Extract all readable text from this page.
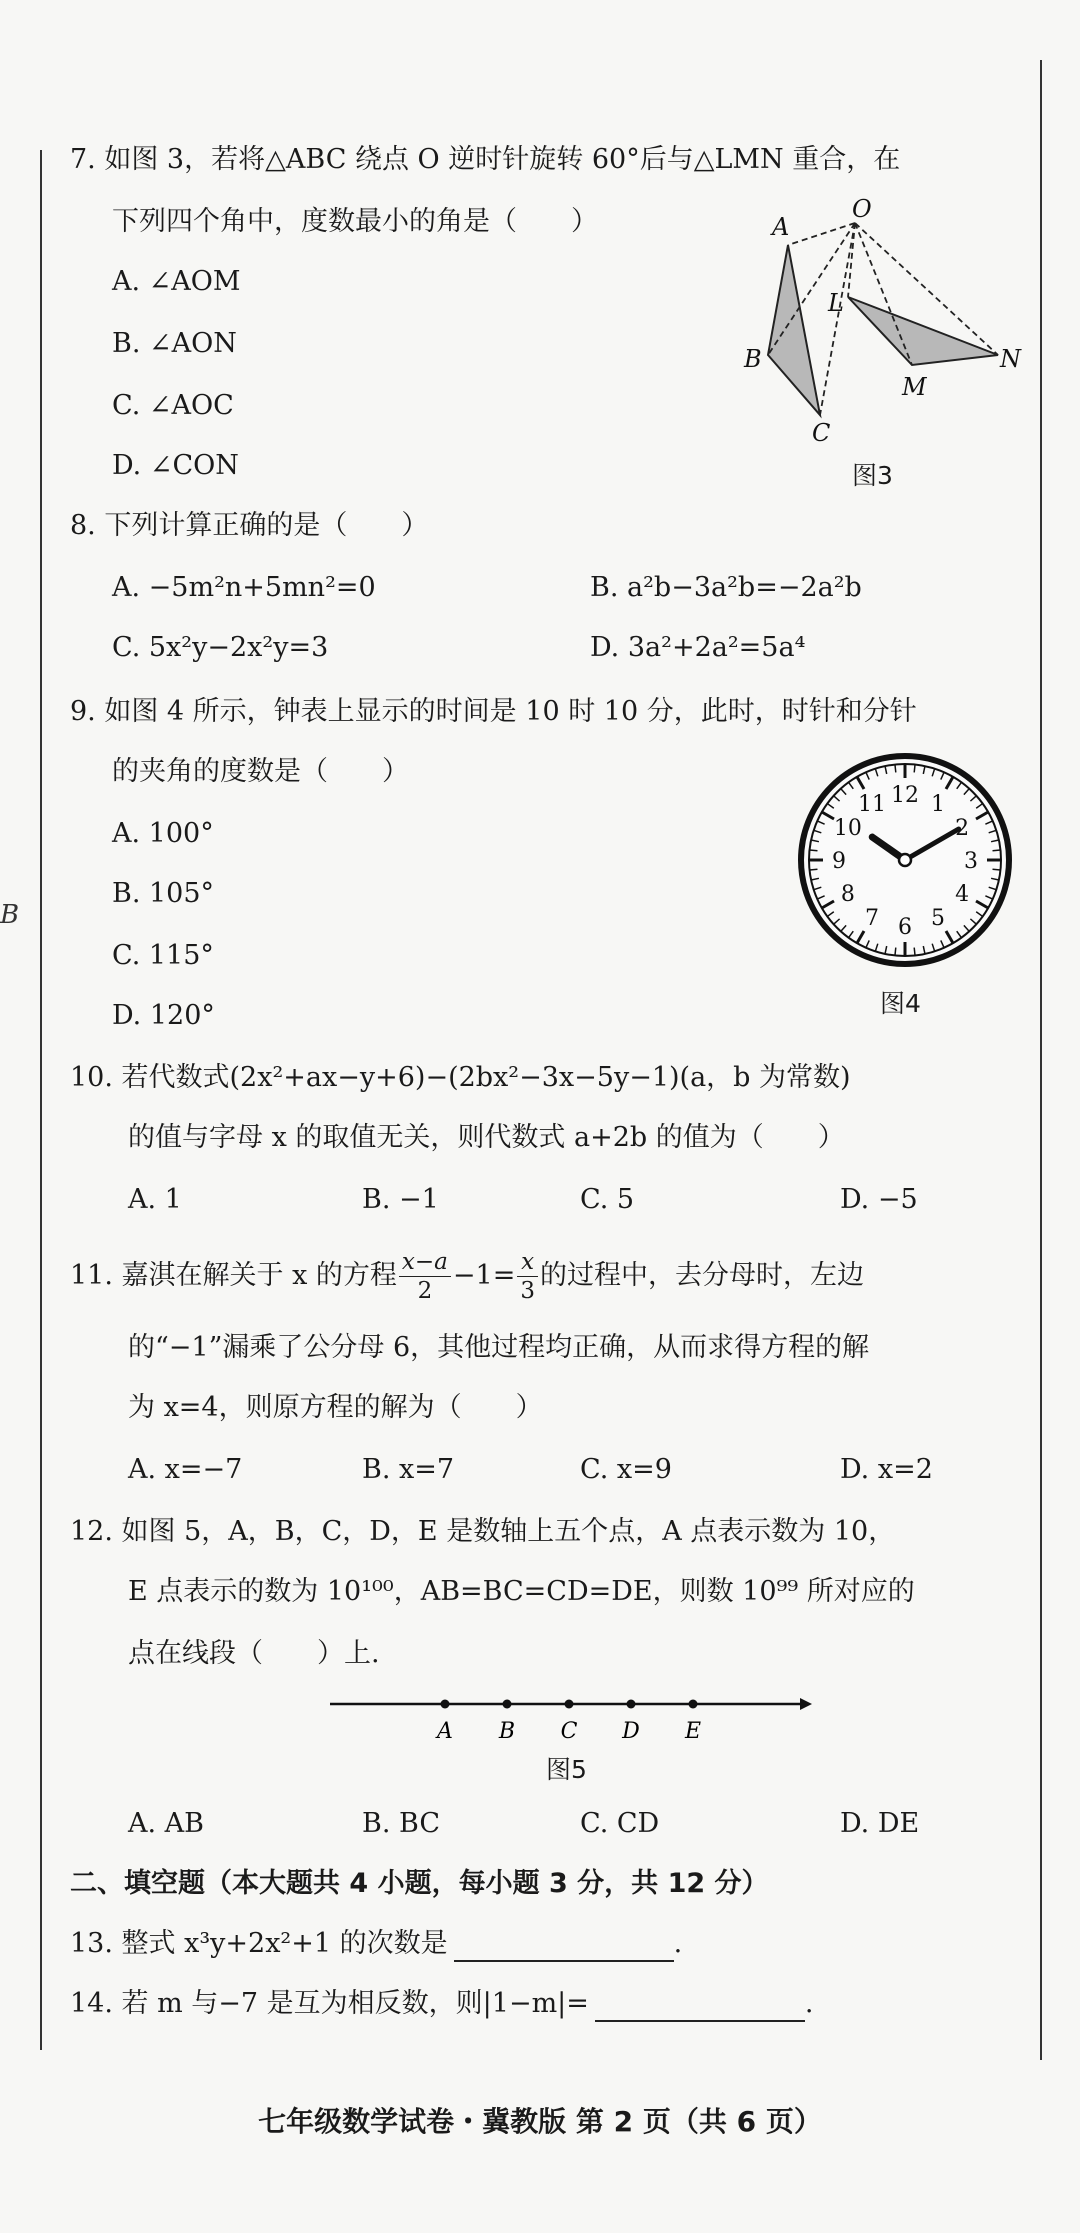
B
7. 如图 3，若将△ABC 绕点 O 逆时针旋转 60°后与△LMN 重合，在
下列四个角中，度数最小的角是（　　）
A. ∠AOM
B. ∠AON
C. ∠AOC
D. ∠CON
A
O
L
B
M
N
C
图3
8. 下列计算正确的是（　　）
A. −5m²n+5mn²=0	B. a²b−3a²b=−2a²b
C. 5x²y−2x²y=3	D. 3a²+2a²=5a⁴
9. 如图 4 所示，钟表上显示的时间是 10 时 10 分，此时，时针和分针
的夹角的度数是（　　）
A. 100°
B. 105°
C. 115°
D. 120°
12 1
2
3
4
5
6
7
8
9
10
11
图4
10. 若代数式(2x²+ax−y+6)−(2bx²−3x−5y−1)(a，b 为常数)
的值与字母 x 的取值无关，则代数式 a+2b 的值为（　　）
A. 1	B. −1	C. 5	D. −5
11. 嘉淇在解关于 x 的方程 $\frac{x-a}{2} -1= \frac{x}{3}$ 的过程中，去分母时，左边
的“−1”漏乘了公分母 6，其他过程均正确，从而求得方程的解
为 x=4，则原方程的解为（　　）
A. x=−7	B. x=7	C. x=9	D. x=2
12. 如图 5，A，B，C，D，E 是数轴上五个点，A 点表示数为 10，
E 点表示的数为 10¹⁰⁰，AB=BC=CD=DE，则数 10⁹⁹ 所对应的
点在线段（　　）上.
A B C D E
图5
A. AB	B. BC	C. CD	D. DE
二、填空题（本大题共 4 小题，每小题 3 分，共 12 分）
13. 整式 x³y+2x²+1 的次数是	.
14. 若 m 与−7 是互为相反数，则|1−m|=	.
七年级数学试卷・冀教版 第 2 页（共 6 页）
